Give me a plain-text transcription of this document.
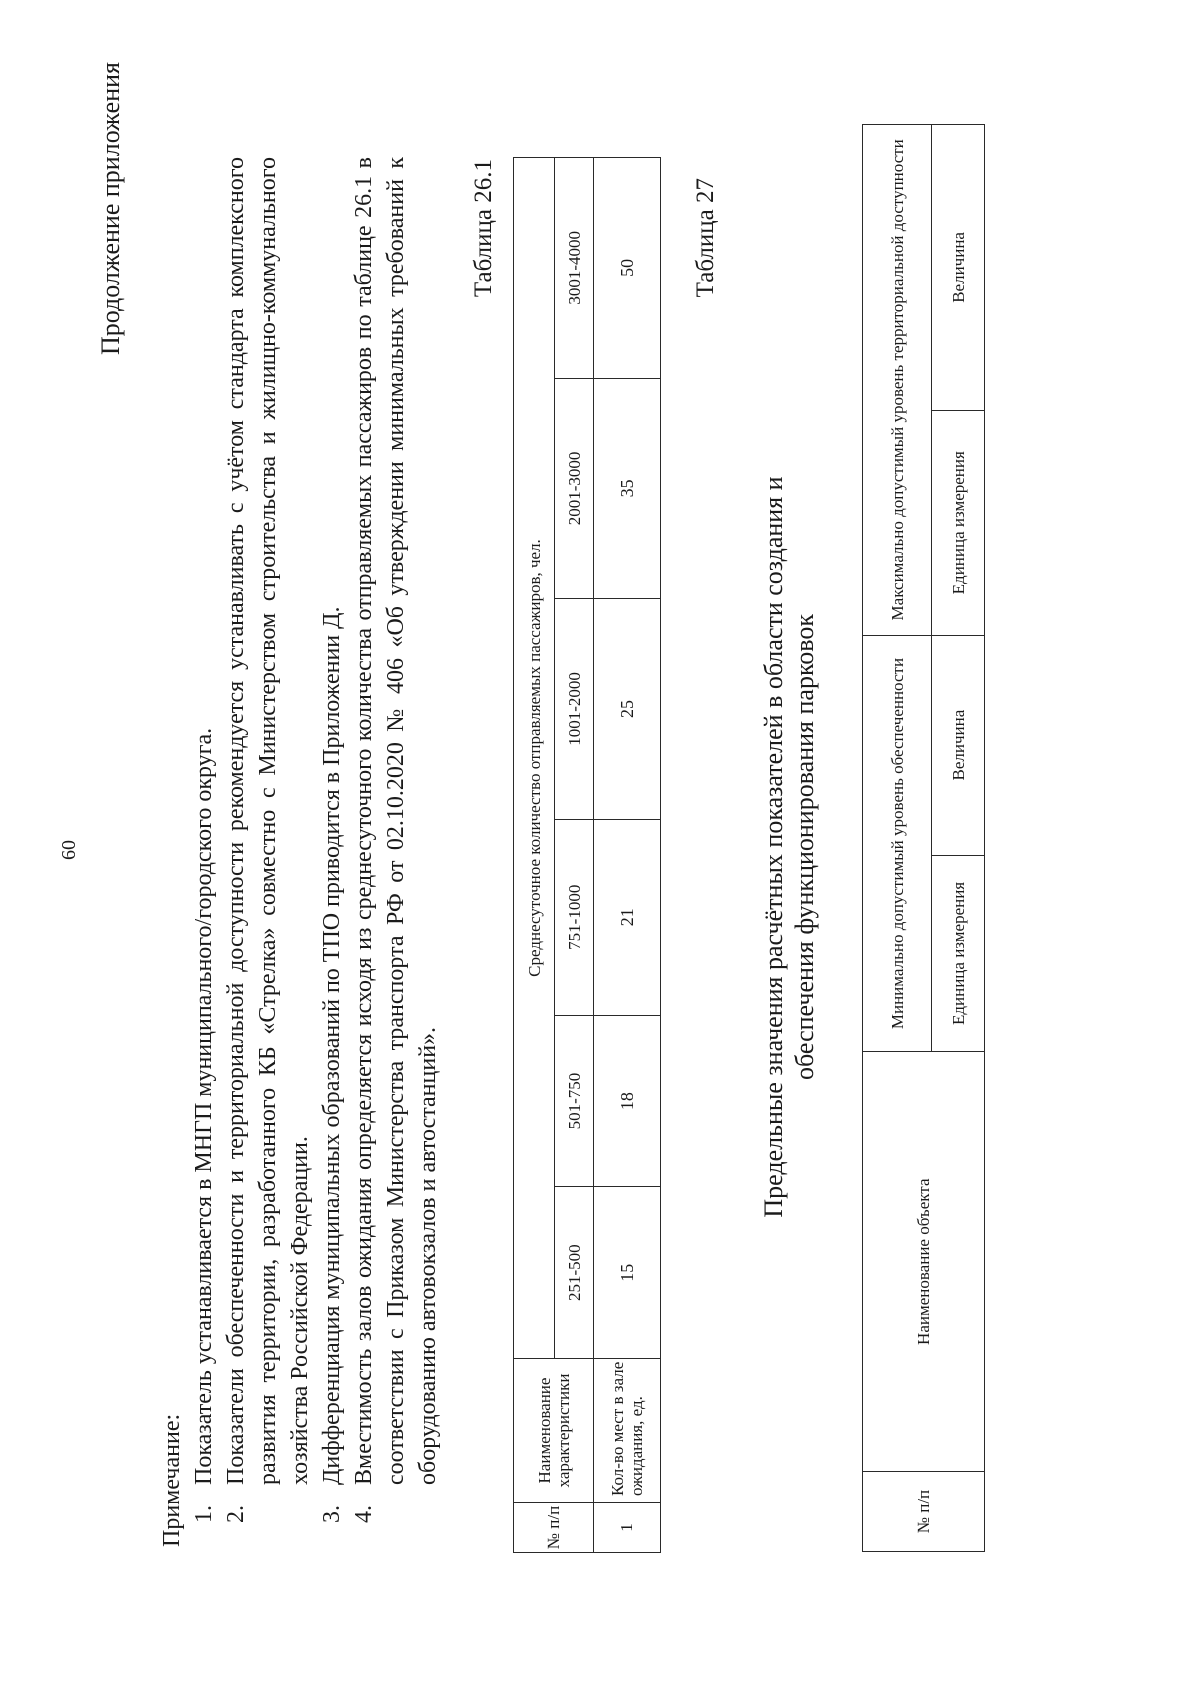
60
Продолжение приложения

Примечание: 1.
Показатель устанавливается в МНГП муниципального/городского округа.
2.
Показатели обеспеченности и территориальной доступности рекомендуется устанавливать с учётом стандарта комплексного развития территории, разработанного КБ «Стрелка» совместно с Министерством строительства и жилищно-коммунального хозяйства Российской Федерации.
3.
Дифференциация муниципальных образований по ТПО приводится в Приложении Д.
4.
Вместимость залов ожидания определяется исходя из среднесуточного количества отправляемых пассажиров по таблице 26.1 в соответствии с Приказом Министерства транспорта РФ от 02.10.2020 № 406 «Об утверждении минимальных требований к оборудованию автовокзалов и автостанций».
Таблица 26.1
№ п/п	Наименование характеристики	Среднесуточное количество отправляемых пассажиров, чел.					
		251-500	501-750	751-1000	1001-2000	2001-3000	3001-4000
1	Кол-во мест в зале ожидания, ед.	15	18	21	25	35	50 Таблица 27
Предельные значения расчётных показателей в области создания и обеспечения функционирования парковок
№ п/п	Наименование объекта	Минимально допустимый уровень обеспеченности		Максимально допустимый уровень территориальной доступности	
		Единица измерения	Величина	Единица измерения	Величина
